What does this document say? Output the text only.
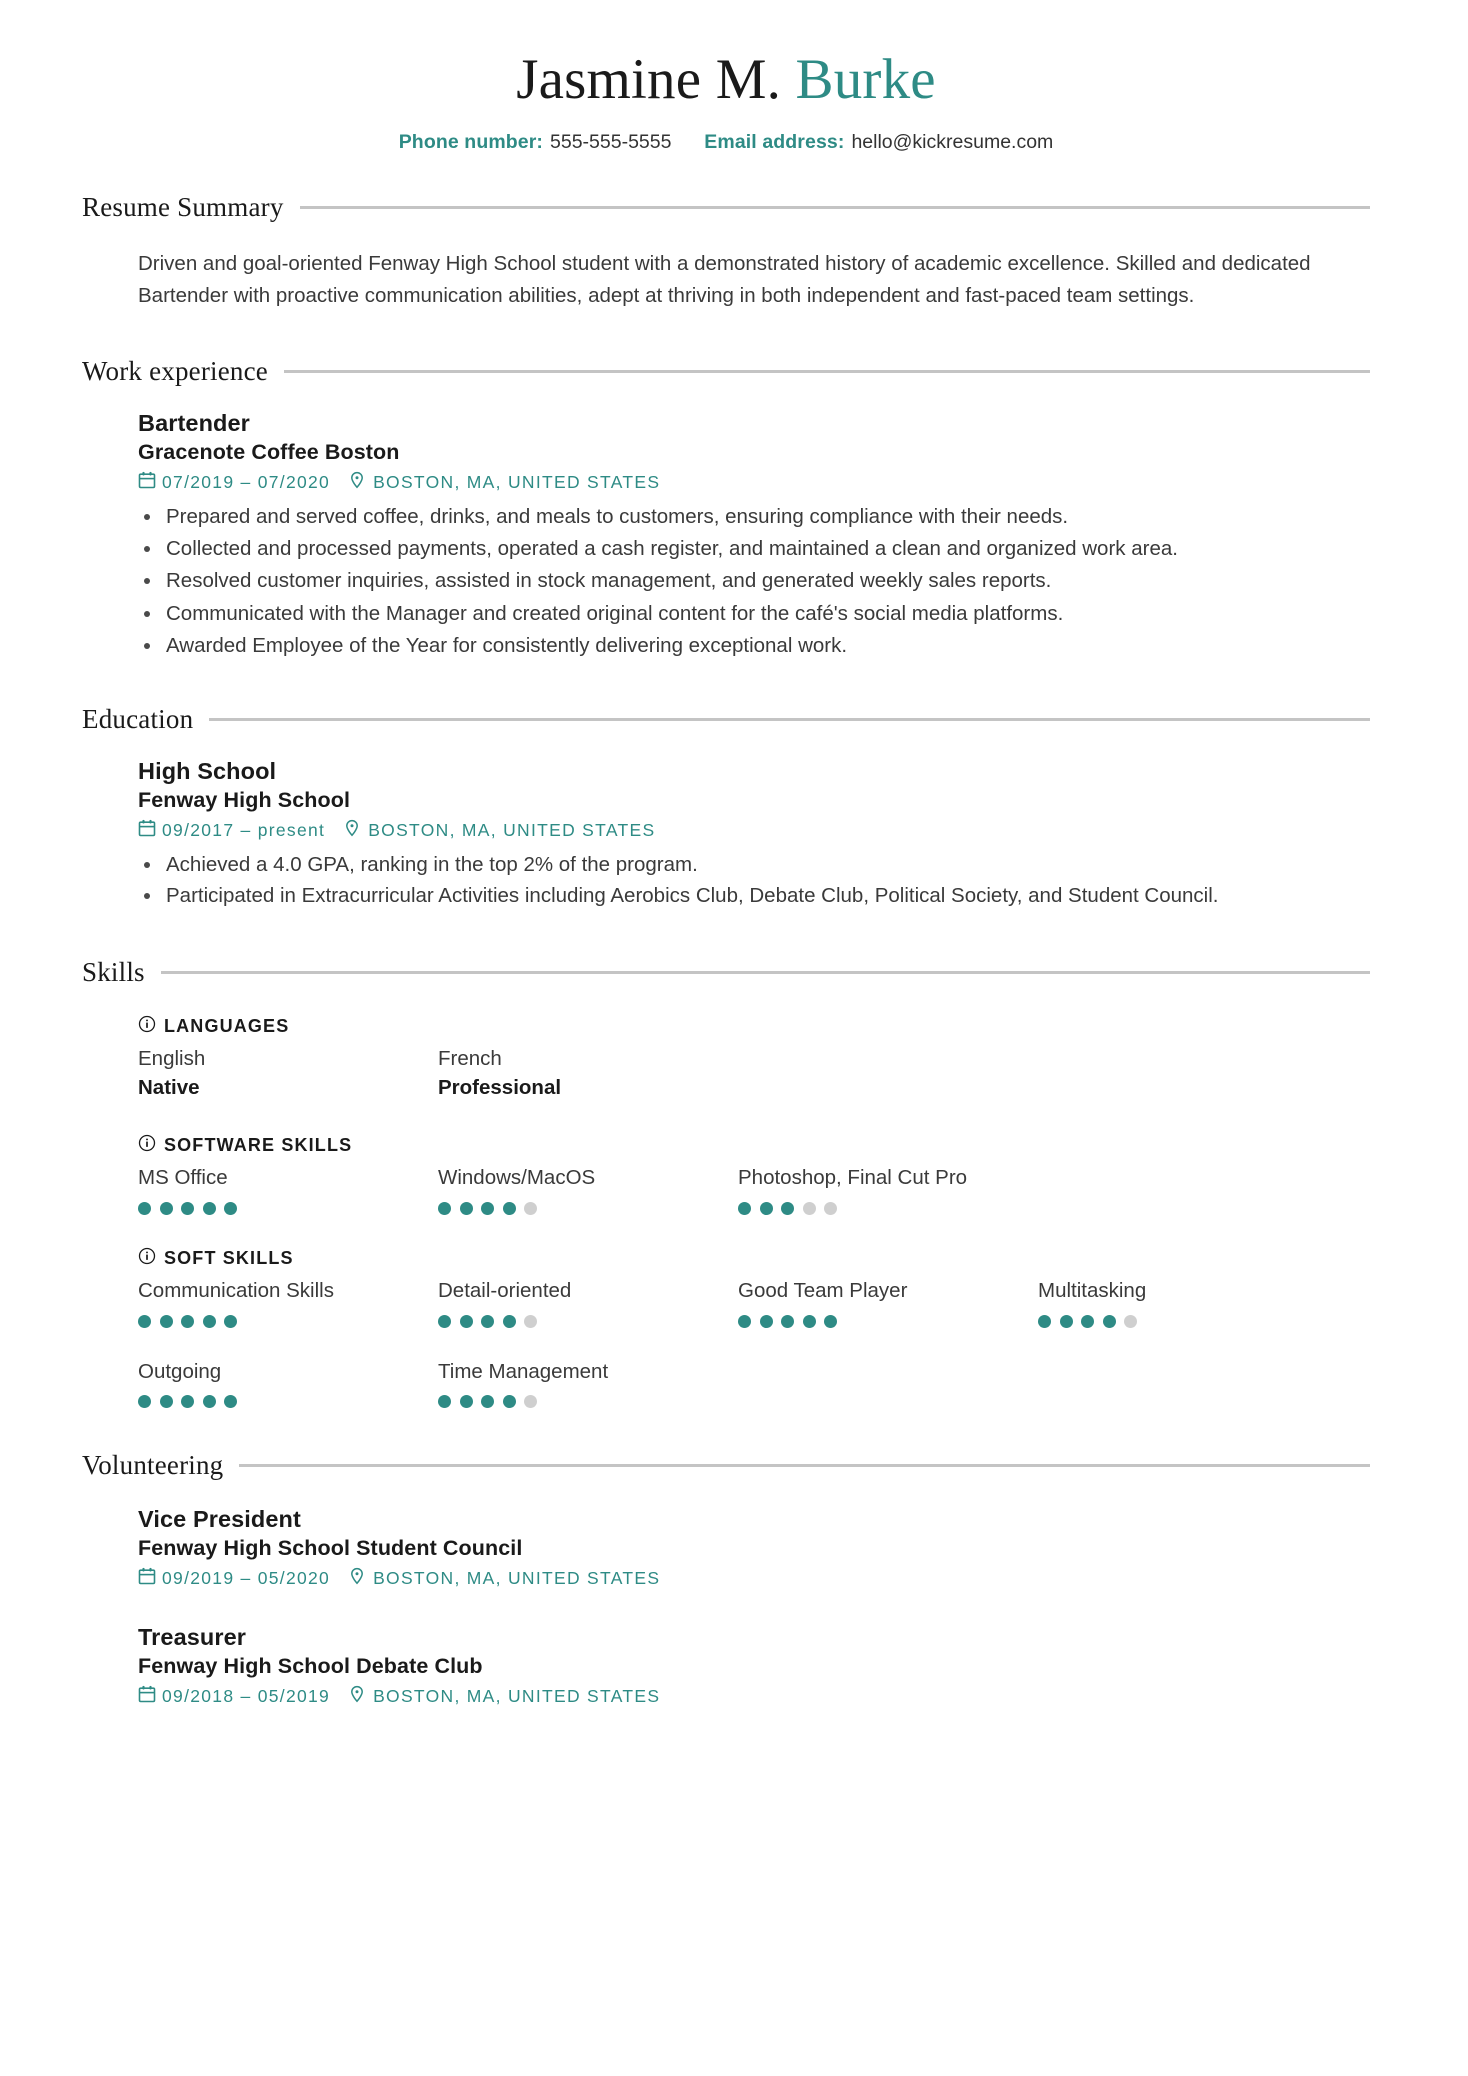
Jasmine M. Burke
Phone number: 555-555-5555 Email address: hello@kickresume.com
Resume Summary
Driven and goal-oriented Fenway High School student with a demonstrated history of academic excellence. Skilled and dedicated Bartender with proactive communication abilities, adept at thriving in both independent and fast-paced team settings.
Work experience
Bartender
Gracenote Coffee Boston
07/2019 – 07/2020 BOSTON, MA, UNITED STATES
Prepared and served coffee, drinks, and meals to customers, ensuring compliance with their needs.
Collected and processed payments, operated a cash register, and maintained a clean and organized work area.
Resolved customer inquiries, assisted in stock management, and generated weekly sales reports.
Communicated with the Manager and created original content for the café's social media platforms.
Awarded Employee of the Year for consistently delivering exceptional work.
Education
High School
Fenway High School
09/2017 – present BOSTON, MA, UNITED STATES
Achieved a 4.0 GPA, ranking in the top 2% of the program.
Participated in Extracurricular Activities including Aerobics Club, Debate Club, Political Society, and Student Council.
Skills
LANGUAGES
English
Native
French
Professional
SOFTWARE SKILLS
MS Office	Windows/MacOS	Photoshop, Final Cut Pro
SOFT SKILLS
Communication Skills	Detail-oriented	Good Team Player	Multitasking
Outgoing	Time Management
Volunteering
Vice President
Fenway High School Student Council
09/2019 – 05/2020 BOSTON, MA, UNITED STATES
Treasurer
Fenway High School Debate Club
09/2018 – 05/2019 BOSTON, MA, UNITED STATES
